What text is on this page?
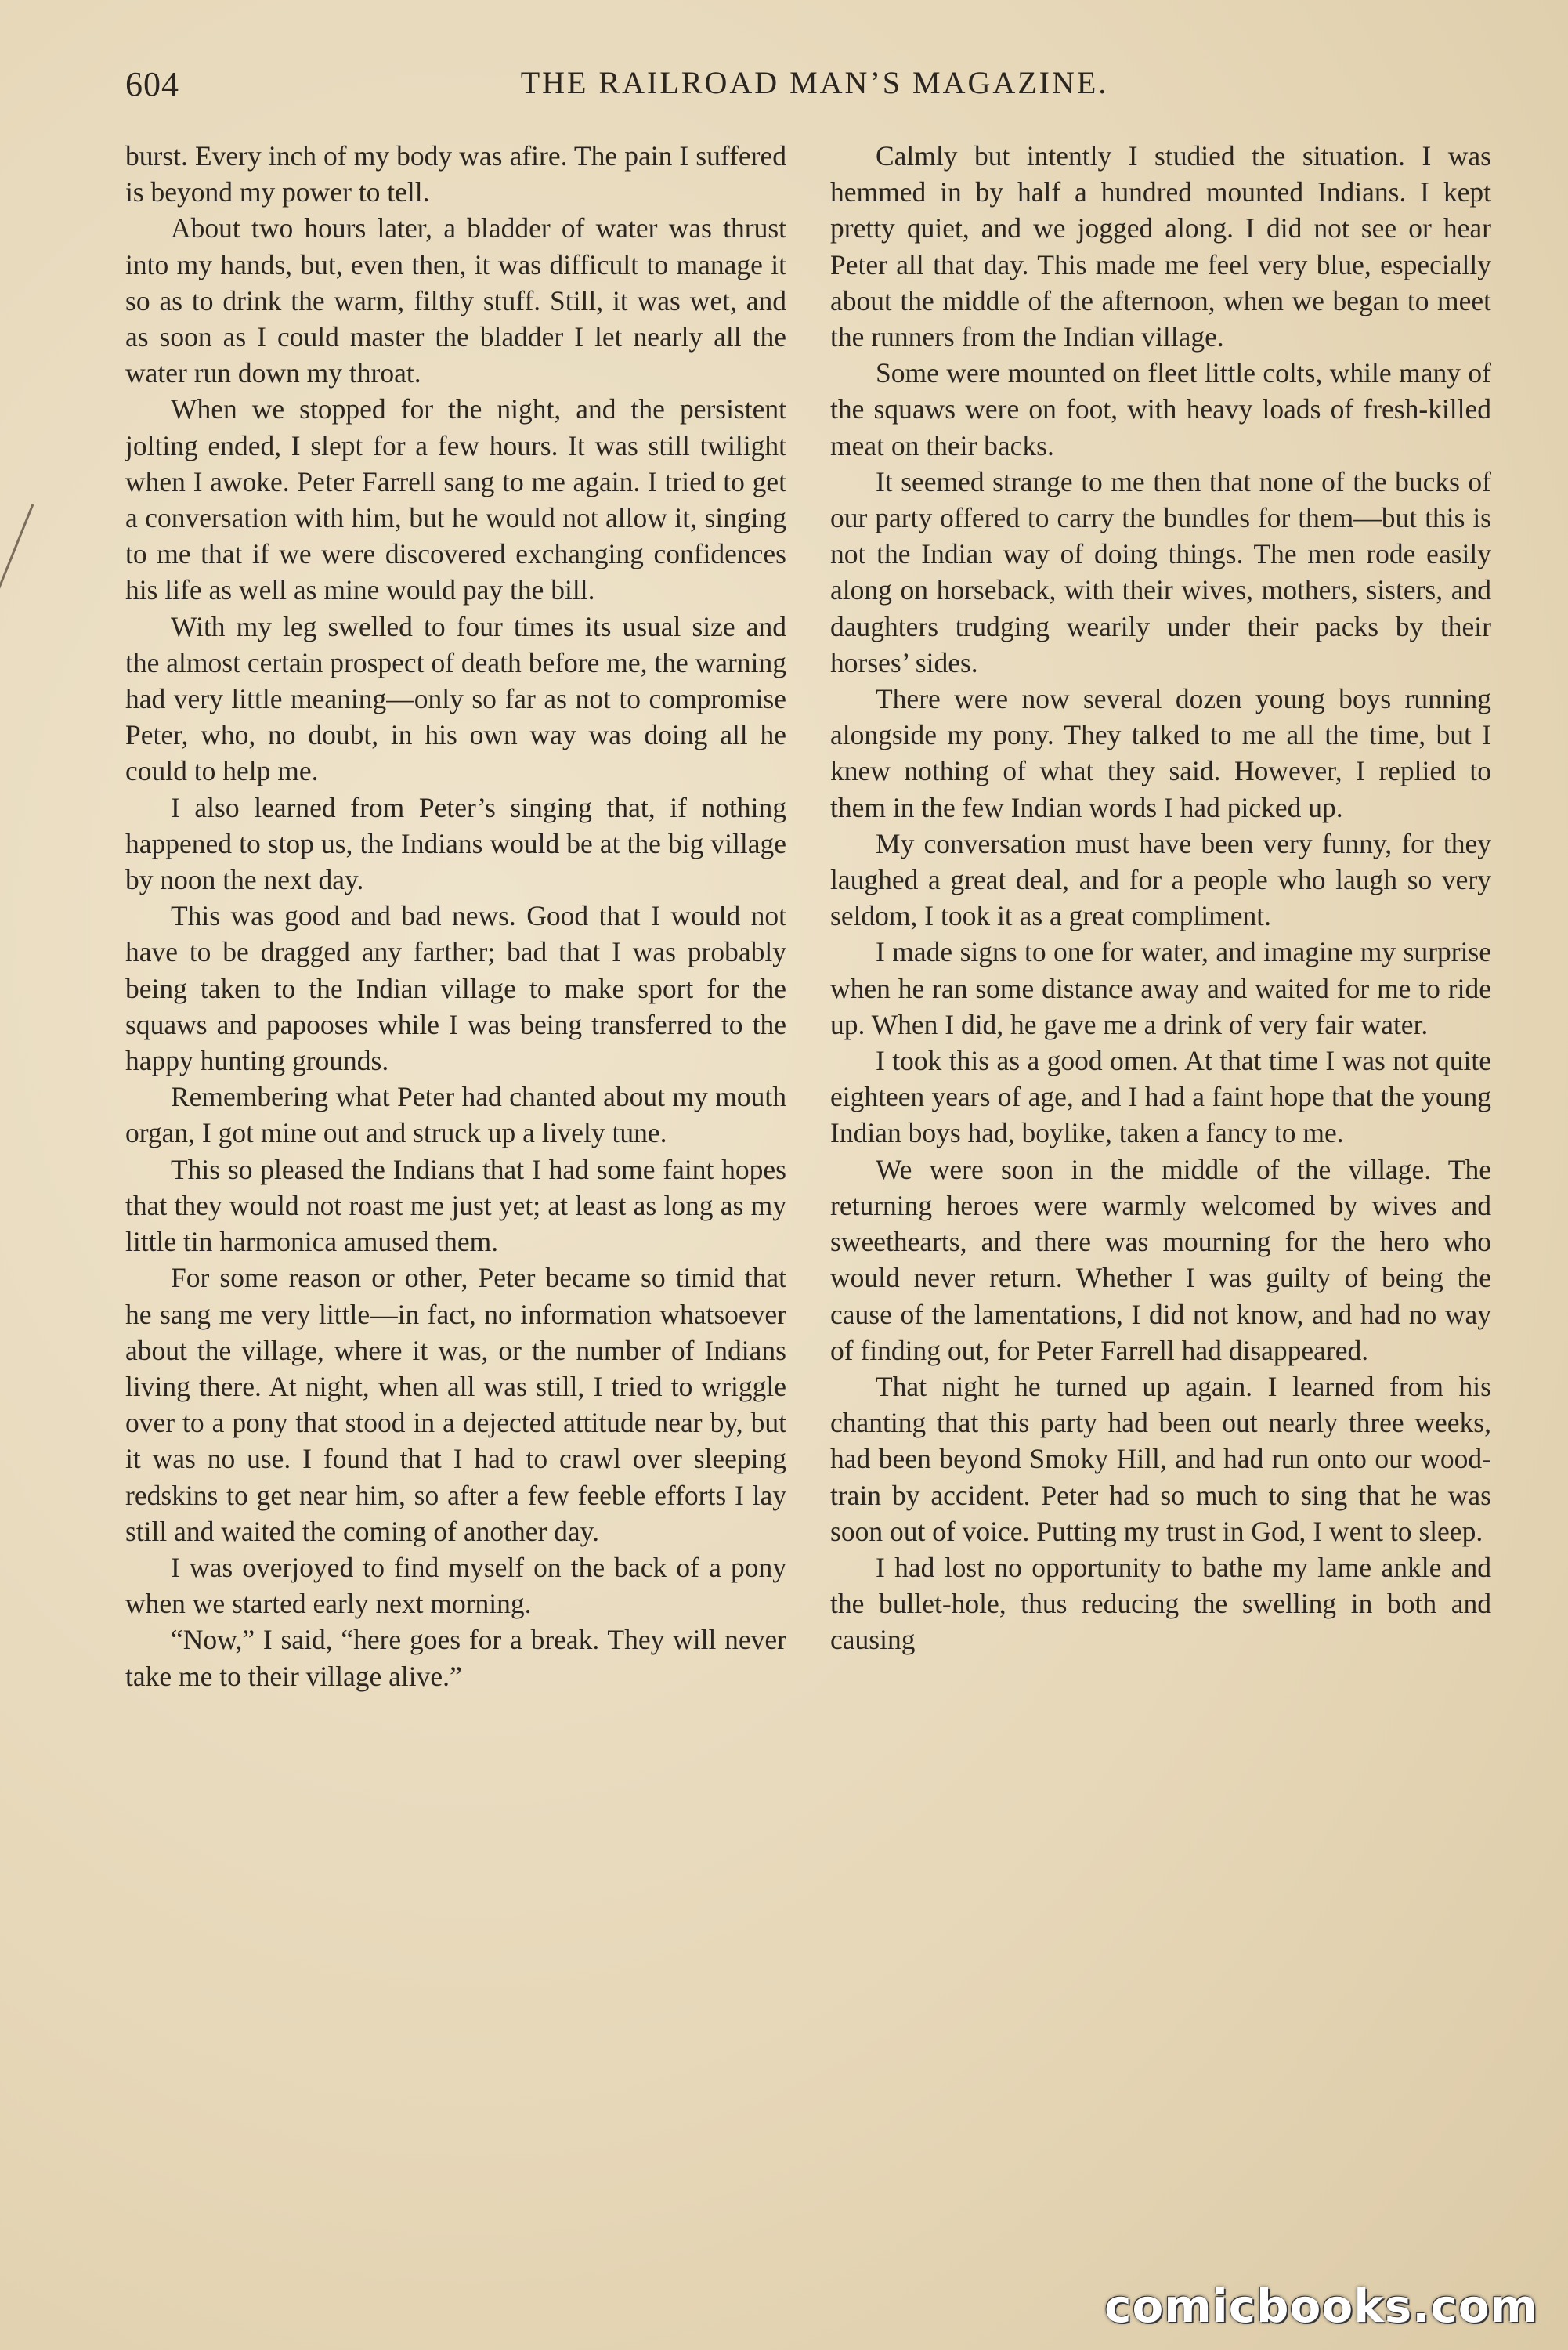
604	THE RAILROAD MAN’S MAGAZINE.

burst. Every inch of my body was afire. The pain I suffered is beyond my power to tell.

About two hours later, a bladder of water was thrust into my hands, but, even then, it was difficult to manage it so as to drink the warm, filthy stuff. Still, it was wet, and as soon as I could master the bladder I let nearly all the water run down my throat.

When we stopped for the night, and the persistent jolting ended, I slept for a few hours. It was still twilight when I awoke. Peter Farrell sang to me again. I tried to get a conversation with him, but he would not allow it, singing to me that if we were discovered exchanging confidences his life as well as mine would pay the bill.

With my leg swelled to four times its usual size and the almost certain prospect of death before me, the warning had very little meaning—only so far as not to compromise Peter, who, no doubt, in his own way was doing all he could to help me.

I also learned from Peter’s singing that, if nothing happened to stop us, the Indians would be at the big village by noon the next day.

This was good and bad news. Good that I would not have to be dragged any farther; bad that I was probably being taken to the Indian village to make sport for the squaws and papooses while I was being transferred to the happy hunting grounds.

Remembering what Peter had chanted about my mouth organ, I got mine out and struck up a lively tune.

This so pleased the Indians that I had some faint hopes that they would not roast me just yet; at least as long as my little tin harmonica amused them.

For some reason or other, Peter became so timid that he sang me very little—in fact, no information whatsoever about the village, where it was, or the number of Indians living there. At night, when all was still, I tried to wriggle over to a pony that stood in a dejected attitude near by, but it was no use. I found that I had to crawl over sleeping redskins to get near him, so after a few feeble efforts I lay still and waited the coming of another day.

I was overjoyed to find myself on the back of a pony when we started early next morning.

“Now,” I said, “here goes for a break. They will never take me to their village alive.”

Calmly but intently I studied the situation. I was hemmed in by half a hundred mounted Indians. I kept pretty quiet, and we jogged along. I did not see or hear Peter all that day. This made me feel very blue, especially about the middle of the afternoon, when we began to meet the runners from the Indian village.

Some were mounted on fleet little colts, while many of the squaws were on foot, with heavy loads of fresh-killed meat on their backs.

It seemed strange to me then that none of the bucks of our party offered to carry the bundles for them—but this is not the Indian way of doing things. The men rode easily along on horseback, with their wives, mothers, sisters, and daughters trudging wearily under their packs by their horses’ sides.

There were now several dozen young boys running alongside my pony. They talked to me all the time, but I knew nothing of what they said. However, I replied to them in the few Indian words I had picked up.

My conversation must have been very funny, for they laughed a great deal, and for a people who laugh so very seldom, I took it as a great compliment.

I made signs to one for water, and imagine my surprise when he ran some distance away and waited for me to ride up. When I did, he gave me a drink of very fair water.

I took this as a good omen. At that time I was not quite eighteen years of age, and I had a faint hope that the young Indian boys had, boylike, taken a fancy to me.

We were soon in the middle of the village. The returning heroes were warmly welcomed by wives and sweethearts, and there was mourning for the hero who would never return. Whether I was guilty of being the cause of the lamentations, I did not know, and had no way of finding out, for Peter Farrell had disappeared.

That night he turned up again. I learned from his chanting that this party had been out nearly three weeks, had been beyond Smoky Hill, and had run onto our wood-train by accident. Peter had so much to sing that he was soon out of voice. Putting my trust in God, I went to sleep.

I had lost no opportunity to bathe my lame ankle and the bullet-hole, thus reducing the swelling in both and causing

comicbooks.com
